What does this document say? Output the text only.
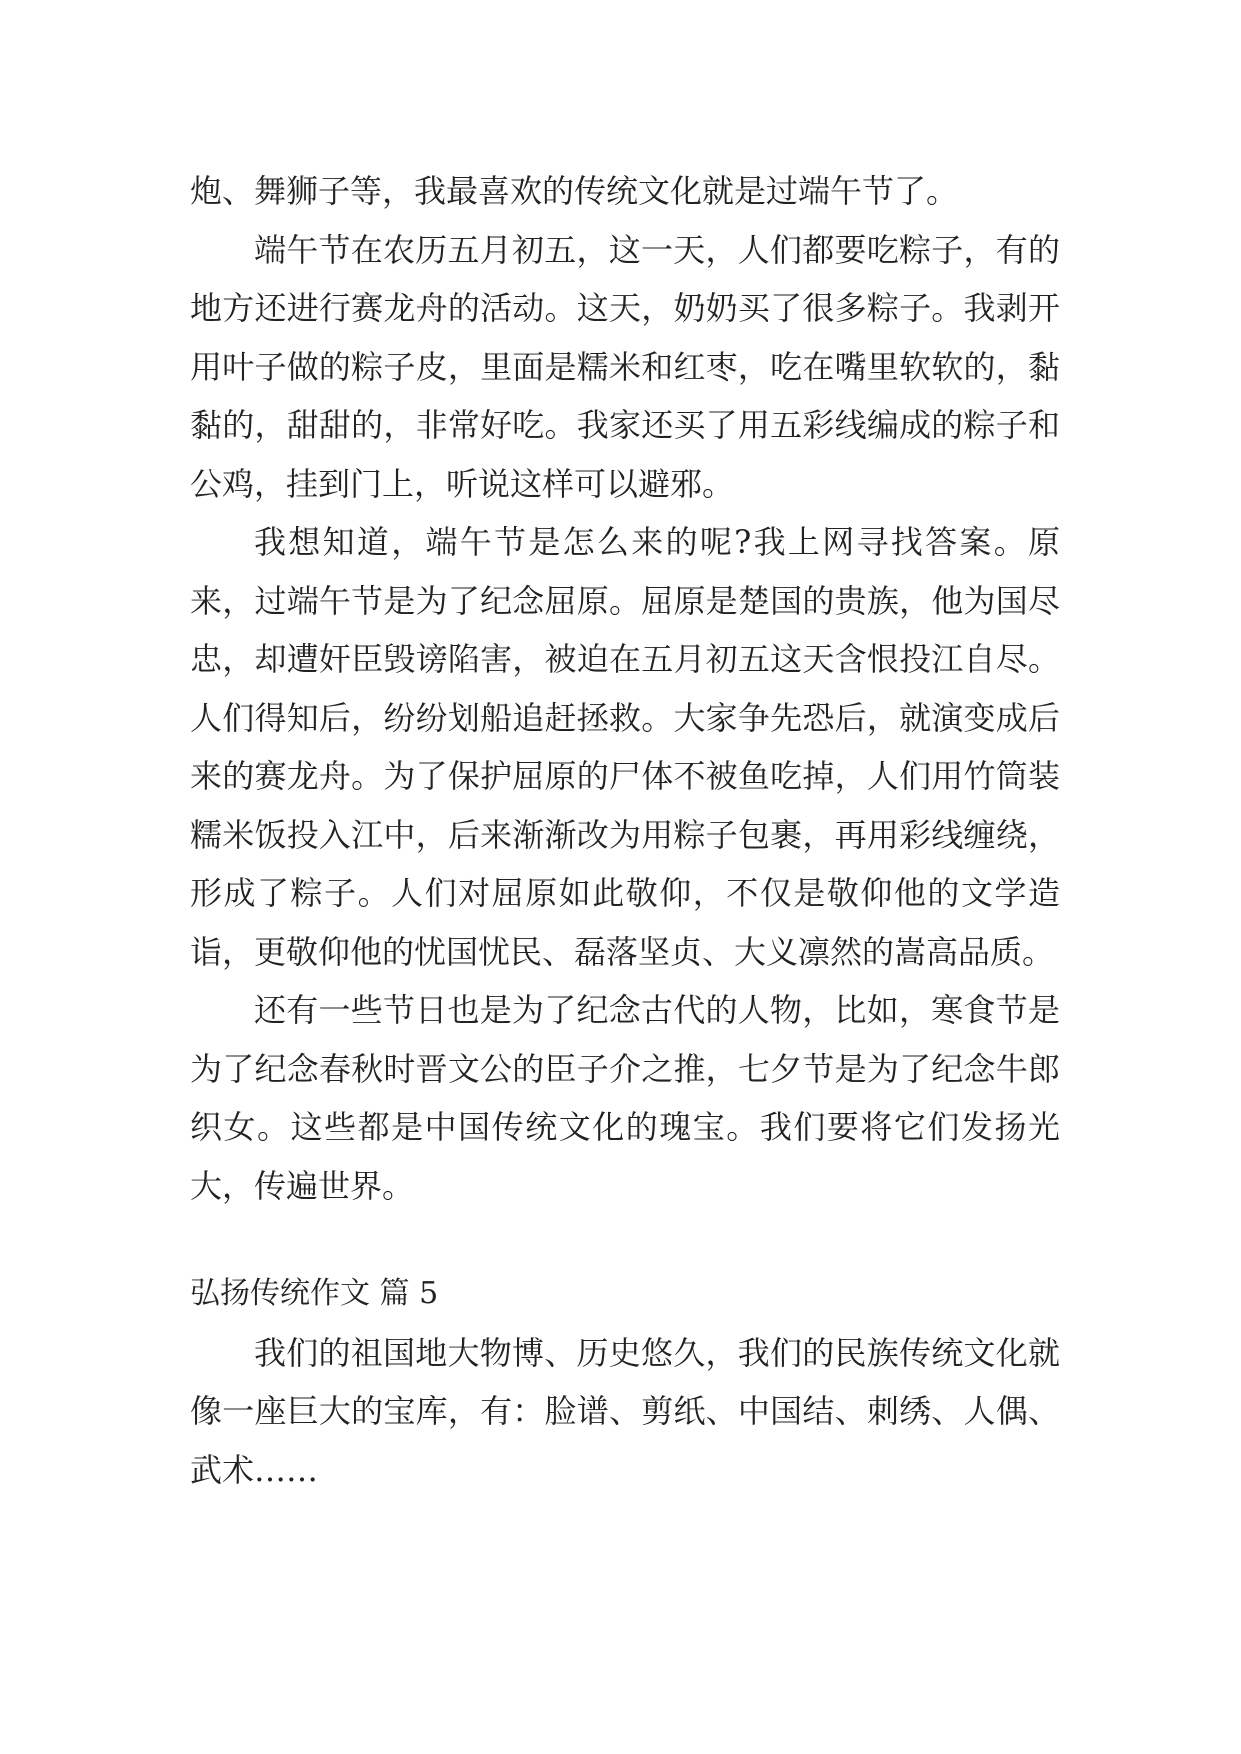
炮、舞狮子等，我最喜欢的传统文化就是过端午节了。

端午节在农历五月初五，这一天，人们都要吃粽子，有的地方还进行赛龙舟的活动。这天，奶奶买了很多粽子。我剥开用叶子做的粽子皮，里面是糯米和红枣，吃在嘴里软软的，黏黏的，甜甜的，非常好吃。我家还买了用五彩线编成的粽子和公鸡，挂到门上，听说这样可以避邪。

我想知道，端午节是怎么来的呢?我上网寻找答案。原来，过端午节是为了纪念屈原。屈原是楚国的贵族，他为国尽忠，却遭奸臣毁谤陷害，被迫在五月初五这天含恨投江自尽。人们得知后，纷纷划船追赶拯救。大家争先恐后，就演变成后来的赛龙舟。为了保护屈原的尸体不被鱼吃掉，人们用竹筒装糯米饭投入江中，后来渐渐改为用粽子包裹，再用彩线缠绕，形成了粽子。人们对屈原如此敬仰，不仅是敬仰他的文学造诣，更敬仰他的忧国忧民、磊落坚贞、大义凛然的嵩高品质。

还有一些节日也是为了纪念古代的人物，比如，寒食节是为了纪念春秋时晋文公的臣子介之推，七夕节是为了纪念牛郎织女。这些都是中国传统文化的瑰宝。我们要将它们发扬光大，传遍世界。

弘扬传统作文 篇 5

我们的祖国地大物博、历史悠久，我们的民族传统文化就像一座巨大的宝库，有：脸谱、剪纸、中国结、刺绣、人偶、武术……
